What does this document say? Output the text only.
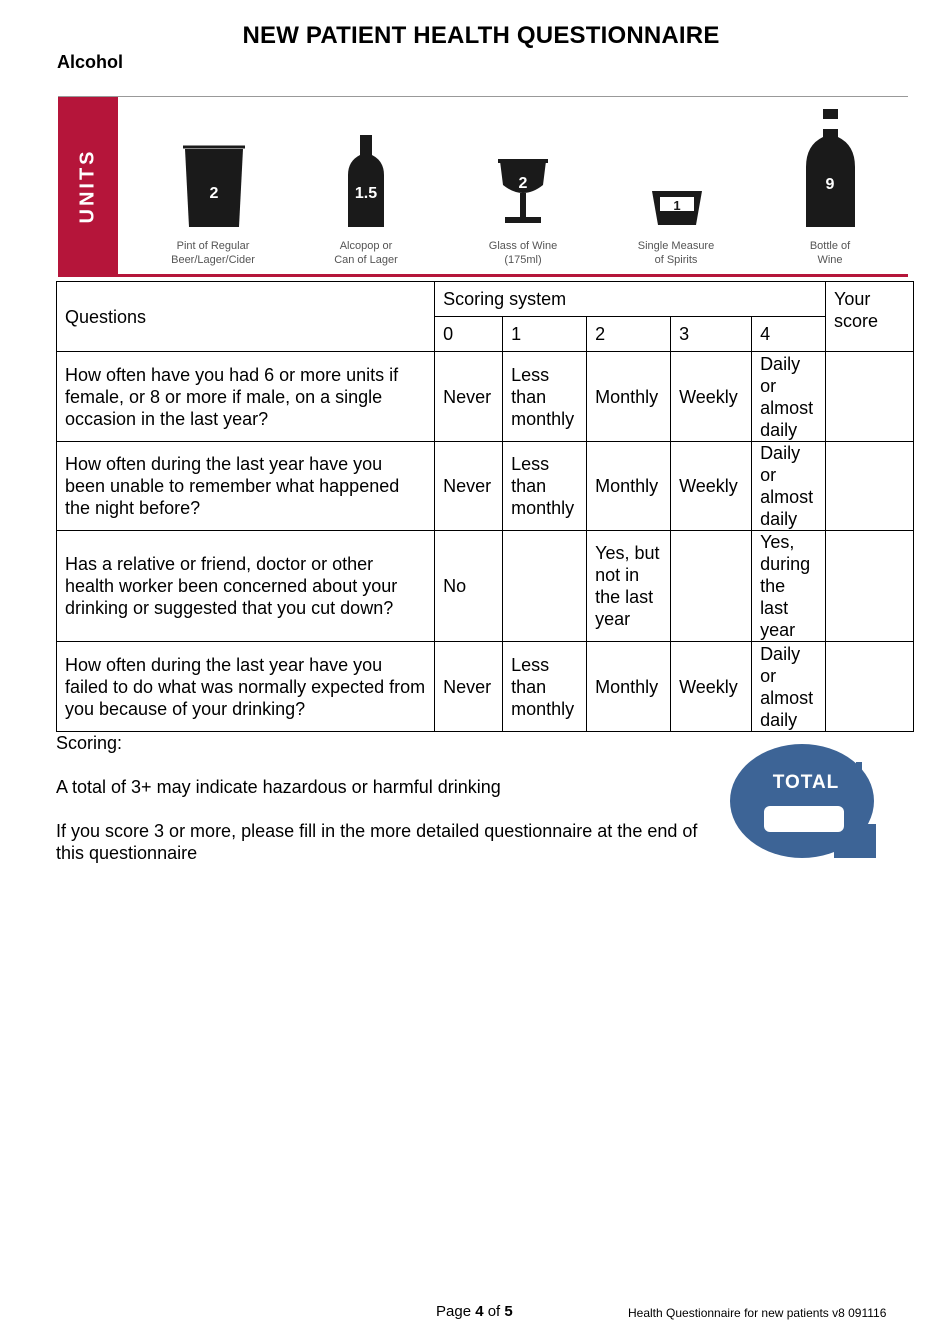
NEW PATIENT HEALTH QUESTIONNAIRE
Alcohol
UNITS	2
Pint of Regular
Beer/Lager/Cider
1.5
Alcopop or
Can of Lager
2
Glass of Wine
(175ml)
1
Single Measure
of Spirits
9
Bottle of
Wine
Questions	Scoring system					Your
score

	0	1	2	3	4	
How often have you had 6 or more units if female, or 8 or more if male, on a single occasion in the last year?	Never	Less than monthly	Monthly	Weekly	Daily or almost daily	
How often during the last year have you been unable to remember what happened the night before?	Never	Less than monthly	Monthly	Weekly	Daily or almost daily	
Has a relative or friend, doctor or other health worker been concerned about your drinking or suggested that you cut down?	No		Yes, but not in the last year		Yes, during the last year	
How often during the last year have you failed to do what was normally expected from you because of your drinking?	Never	Less than monthly	Monthly	Weekly	Daily or almost daily	

Scoring:

A total of 3+ may indicate hazardous or harmful drinking

If you score 3 or more, please fill in the more detailed questionnaire at the end of this questionnaire

TOTAL
Page 4 of 5	Health Questionnaire for new patients v8 091116
